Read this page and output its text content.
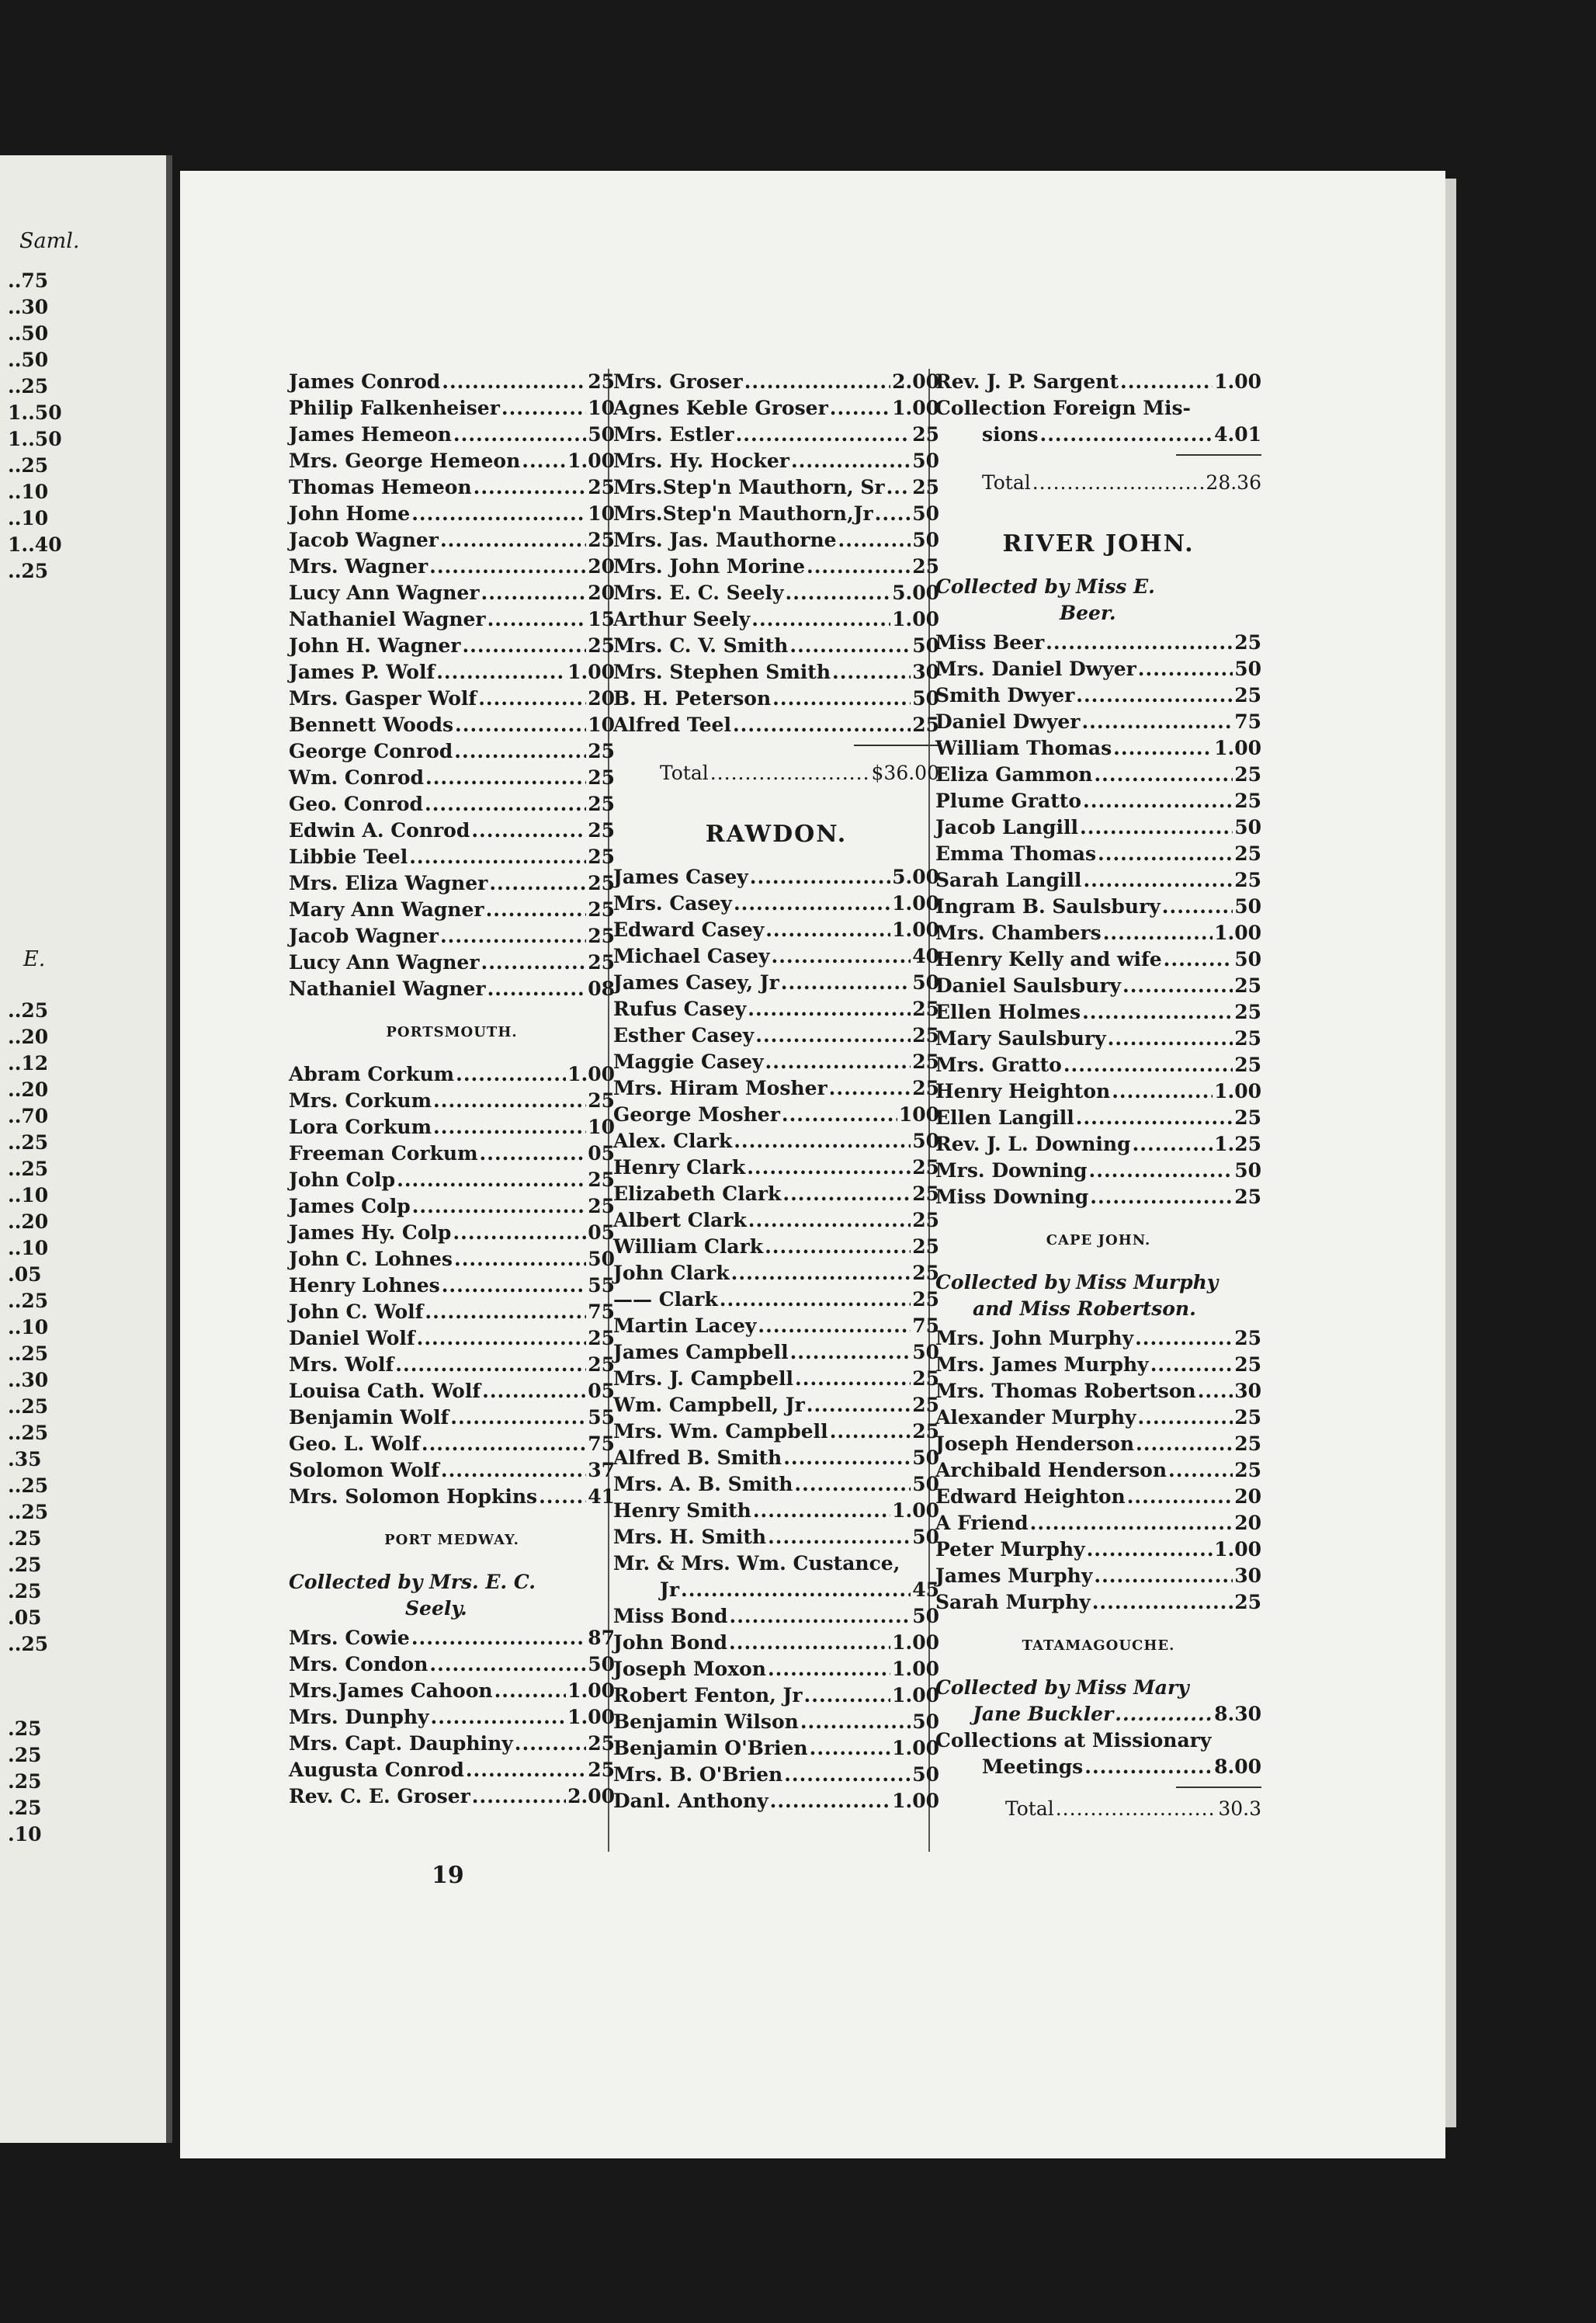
Saml.
..75
..30
..50
..50
..25
1..50
1..50
..25
..10
..10
1..40
..25
E.
..25
..20
..12
..20
..70
..25
..25
..10
..20
..10
.05
..25
..10
..25
..30
..25
..25
.35
..25
..25
.25
.25
.25
.05
..25
.25
.25
.25
.25
.10
James Conrod .....	25
Philip Falkenheiser .....	10
James Hemeon .....	50
Mrs. George Hemeon ..... 1.00
Thomas Hemeon .....	25
John Home .....	10
Jacob Wagner .....	25
Mrs. Wagner .....	20
Lucy Ann Wagner .....	20
Nathaniel Wagner .....	15
John H. Wagner .....	25
James P. Wolf .....	1.00
Mrs. Gasper Wolf .....	20
Bennett Woods .....	10
George Conrod .....	25
Wm. Conrod .....	25
Geo. Conrod .....	25
Edwin A. Conrod .....	25
Libbie Teel .....	25
Mrs. Eliza Wagner .....	25
Mary Ann Wagner .....	25
Jacob Wagner .....	25
Lucy Ann Wagner .....	25
Nathaniel Wagner .....	08
PORTSMOUTH.
Abram Corkum .....	1.00
Mrs. Corkum .....	25
Lora Corkum .....	10
Freeman Corkum .....	05
John Colp .....	25
James Colp .....	25
James Hy. Colp .....	05
John C. Lohnes .....	50
Henry Lohnes .....	55
John C. Wolf .....	75
Daniel Wolf .....	25
Mrs. Wolf .....	25
Louisa Cath. Wolf .....	05
Benjamin Wolf .....	55
Geo. L. Wolf .....	75
Solomon Wolf .....	37
Mrs. Solomon Hopkins .....	41
PORT MEDWAY.
Collected by Mrs. E. C.
Seely.
Mrs. Cowie .....	87
Mrs. Condon .....	50
Mrs.James Cahoon .....	1.00
Mrs. Dunphy .....	1.00
Mrs. Capt. Dauphiny .....	25
Augusta Conrod .....	25
Rev. C. E. Groser .....	2.00
Mrs. Groser .....	2.00
Agnes Keble Groser .....	1.00
Mrs. Estler .....	25
Mrs. Hy. Hocker .....	50
Mrs.Step'n Mauthorn, Sr ..... 25
Mrs.Step'n Mauthorn,Jr ..... 50
Mrs. Jas. Mauthorne .....	50
Mrs. John Morine .....	25
Mrs. E. C. Seely .....	5.00
Arthur Seely .....	1.00
Mrs. C. V. Smith .....	50
Mrs. Stephen Smith .....	30
B. H. Peterson .....	50
Alfred Teel .....	25
Total .....	$36.00
RAWDON.
James Casey .....	5.00
Mrs. Casey .....	1.00
Edward Casey .....	1.00
Michael Casey .....	40
James Casey, Jr .....	50
Rufus Casey .....	25
Esther Casey .....	25
Maggie Casey .....	25
Mrs. Hiram Mosher .....	25
George Mosher .....	100
Alex. Clark .....	50
Henry Clark .....	25
Elizabeth Clark .....	25
Albert Clark .....	25
William Clark .....	25
John Clark .....	25
—— Clark .....	25
Martin Lacey .....	75
James Campbell .....	50
Mrs. J. Campbell .....	25
Wm. Campbell, Jr .....	25
Mrs. Wm. Campbell .....	25
Alfred B. Smith .....	50
Mrs. A. B. Smith .....	50
Henry Smith .....	1.00
Mrs. H. Smith .....	50
Mr. & Mrs. Wm. Custance,
Jr .....	45
Miss Bond .....	50
John Bond .....	1.00
Joseph Moxon .....	1.00
Robert Fenton, Jr .....	1.00
Benjamin Wilson .....	50
Benjamin O'Brien .....	1.00
Mrs. B. O'Brien .....	50
Danl. Anthony .....	1.00
Rev. J. P. Sargent .....	1.00
Collection Foreign Mis-
sions .....	4.01
Total .....	28.36
RIVER JOHN.
Collected by Miss E.
Beer.
Miss Beer .....	25
Mrs. Daniel Dwyer .....	50
Smith Dwyer .....	25
Daniel Dwyer .....	75
William Thomas .....	1.00
Eliza Gammon .....	25
Plume Gratto .....	25
Jacob Langill .....	50
Emma Thomas .....	25
Sarah Langill .....	25
Ingram B. Saulsbury .....	50
Mrs. Chambers .....	1.00
Henry Kelly and wife .....	50
Daniel Saulsbury .....	25
Ellen Holmes .....	25
Mary Saulsbury .....	25
Mrs. Gratto .....	25
Henry Heighton .....	1.00
Ellen Langill .....	25
Rev. J. L. Downing .....	1.25
Mrs. Downing .....	50
Miss Downing .....	25
CAPE JOHN.
Collected by Miss Murphy
and Miss Robertson.
Mrs. John Murphy .....	25
Mrs. James Murphy .....	25
Mrs. Thomas Robertson ..... 30
Alexander Murphy .....	25
Joseph Henderson .....	25
Archibald Henderson .....	25
Edward Heighton .....	20
A Friend .....	20
Peter Murphy .....	1.00
James Murphy .....	30
Sarah Murphy .....	25
TATAMAGOUCHE.
Collected by Miss Mary
Jane Buckler .....	8.30
Collections at Missionary
Meetings .....	8.00
Total .....	30.3
19
